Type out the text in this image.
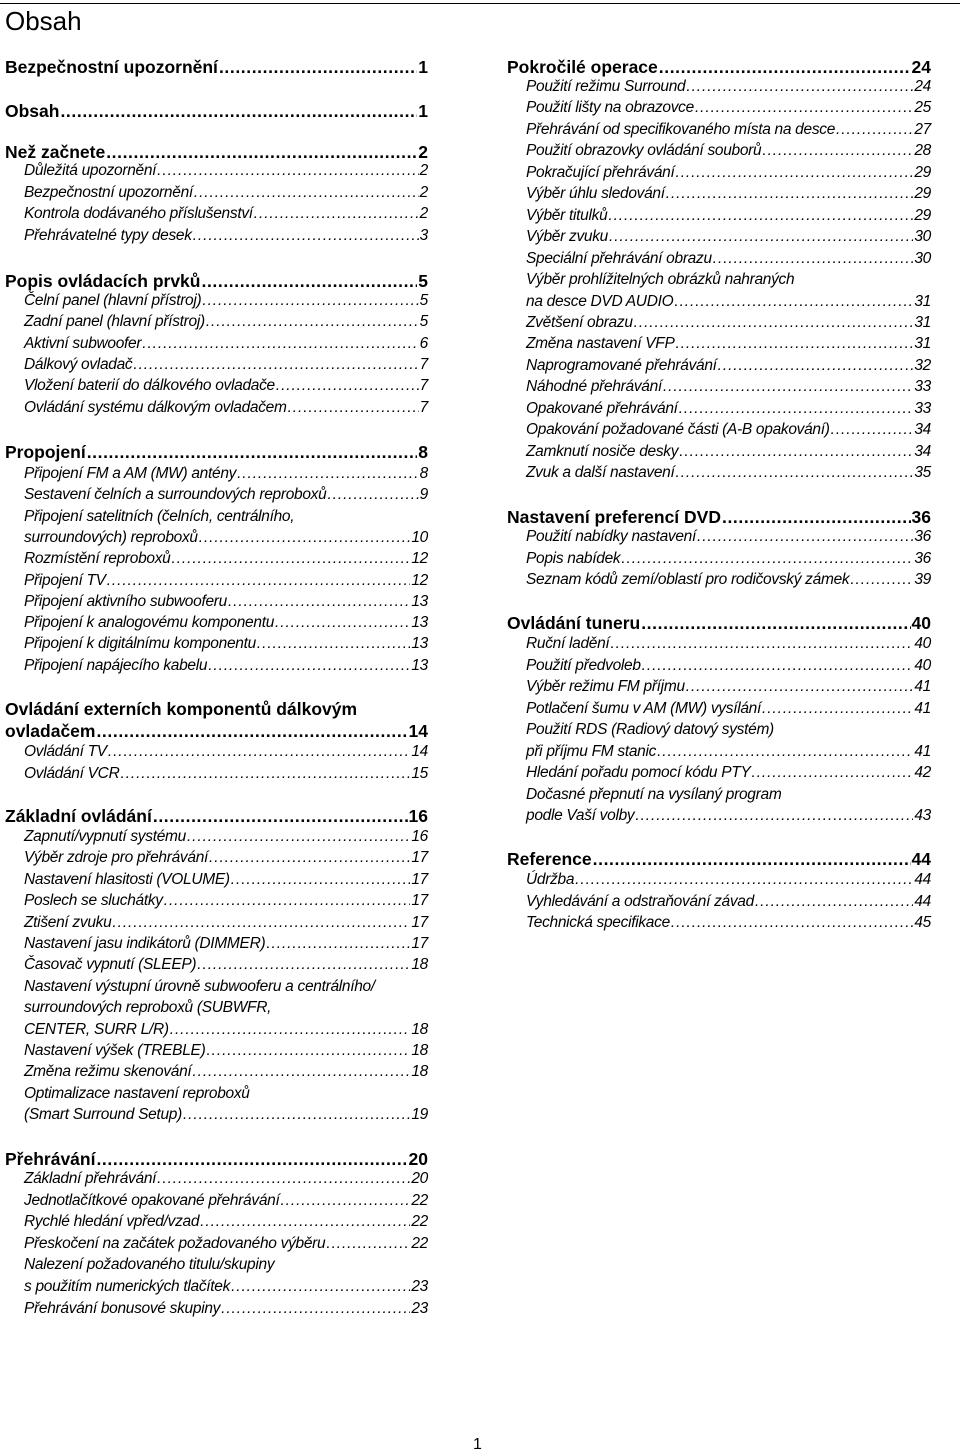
Obsah
Bezpečnostní upozornění .....	1
Obsah .....	1
Než začnete .....	2
Důležitá upozornění .....	2
Bezpečnostní upozornění .....	2
Kontrola dodávaného příslušenství .....	2
Přehrávatelné typy desek .....	3
Popis ovládacích prvků .....	5
Čelní panel (hlavní přístroj) .....	5
Zadní panel (hlavní přístroj) .....	5
Aktivní subwoofer .....	6
Dálkový ovladač .....	7
Vložení baterií do dálkového ovladače .....	7
Ovládání systému dálkovým ovladačem .....	7
Propojení .....	8
Připojení FM a AM (MW) antény .....	8
Sestavení čelních a surroundových reproboxů .....	9
Připojení satelitních (čelních, centrálního,
surroundových) reproboxů .....	10
Rozmístění reproboxů .....	12
Připojení TV .....	12
Připojení aktivního subwooferu .....	13
Připojení k analogovému komponentu .....	13
Připojení k digitálnímu komponentu .....	13
Připojení napájecího kabelu .....	13
Ovládání externích komponentů dálkovým
ovladačem .....	14
Ovládání TV .....	14
Ovládání VCR .....	15
Základní ovládání .....	16
Zapnutí/vypnutí systému .....	16
Výběr zdroje pro přehrávání .....	17
Nastavení hlasitosti (VOLUME) .....	17
Poslech se sluchátky .....	17
Ztišení zvuku .....	17
Nastavení jasu indikátorů (DIMMER) .....	17
Časovač vypnutí (SLEEP) .....	18
Nastavení výstupní úrovně subwooferu a centrálního/
surroundových reproboxů (SUBWFR,
CENTER, SURR L/R) .....	18
Nastavení výšek (TREBLE) .....	18
Změna režimu skenování .....	18
Optimalizace nastavení reproboxů
(Smart Surround Setup) .....	19
Přehrávání .....	20
Základní přehrávání .....	20
Jednotlačítkové opakované přehrávání .....	22
Rychlé hledání vpřed/vzad .....	22
Přeskočení na začátek požadovaného výběru .....	22
Nalezení požadovaného titulu/skupiny
s použitím numerických tlačítek .....	23
Přehrávání bonusové skupiny .....	23
Pokročilé operace .....	24
Použití režimu Surround .....	24
Použití lišty na obrazovce .....	25
Přehrávání od specifikovaného místa na desce .....	27
Použití obrazovky ovládání souborů .....	28
Pokračující přehrávání .....	29
Výběr úhlu sledování .....	29
Výběr titulků .....	29
Výběr zvuku .....	30
Speciální přehrávání obrazu .....	30
Výběr prohlížitelných obrázků nahraných
na desce DVD AUDIO .....	31
Zvětšení obrazu .....	31
Změna nastavení VFP .....	31
Naprogramované přehrávání .....	32
Náhodné přehrávání .....	33
Opakované přehrávání .....	33
Opakování požadované části (A-B opakování) .....	34
Zamknutí nosiče desky .....	34
Zvuk a další nastavení .....	35
Nastavení preferencí DVD .....	36
Použití nabídky nastavení .....	36
Popis nabídek .....	36
Seznam kódů zemí/oblastí pro rodičovský zámek .....	39
Ovládání tuneru .....	40
Ruční ladění .....	40
Použití předvoleb .....	40
Výběr režimu FM příjmu .....	41
Potlačení šumu v AM (MW) vysílání .....	41
Použití RDS (Radiový datový systém)
při příjmu FM stanic .....	41
Hledání pořadu pomocí kódu PTY .....	42
Dočasné přepnutí na vysílaný program
podle Vaší volby .....	43
Reference .....	44
Údržba .....	44
Vyhledávání a odstraňování závad .....	44
Technická specifikace .....	45
1
